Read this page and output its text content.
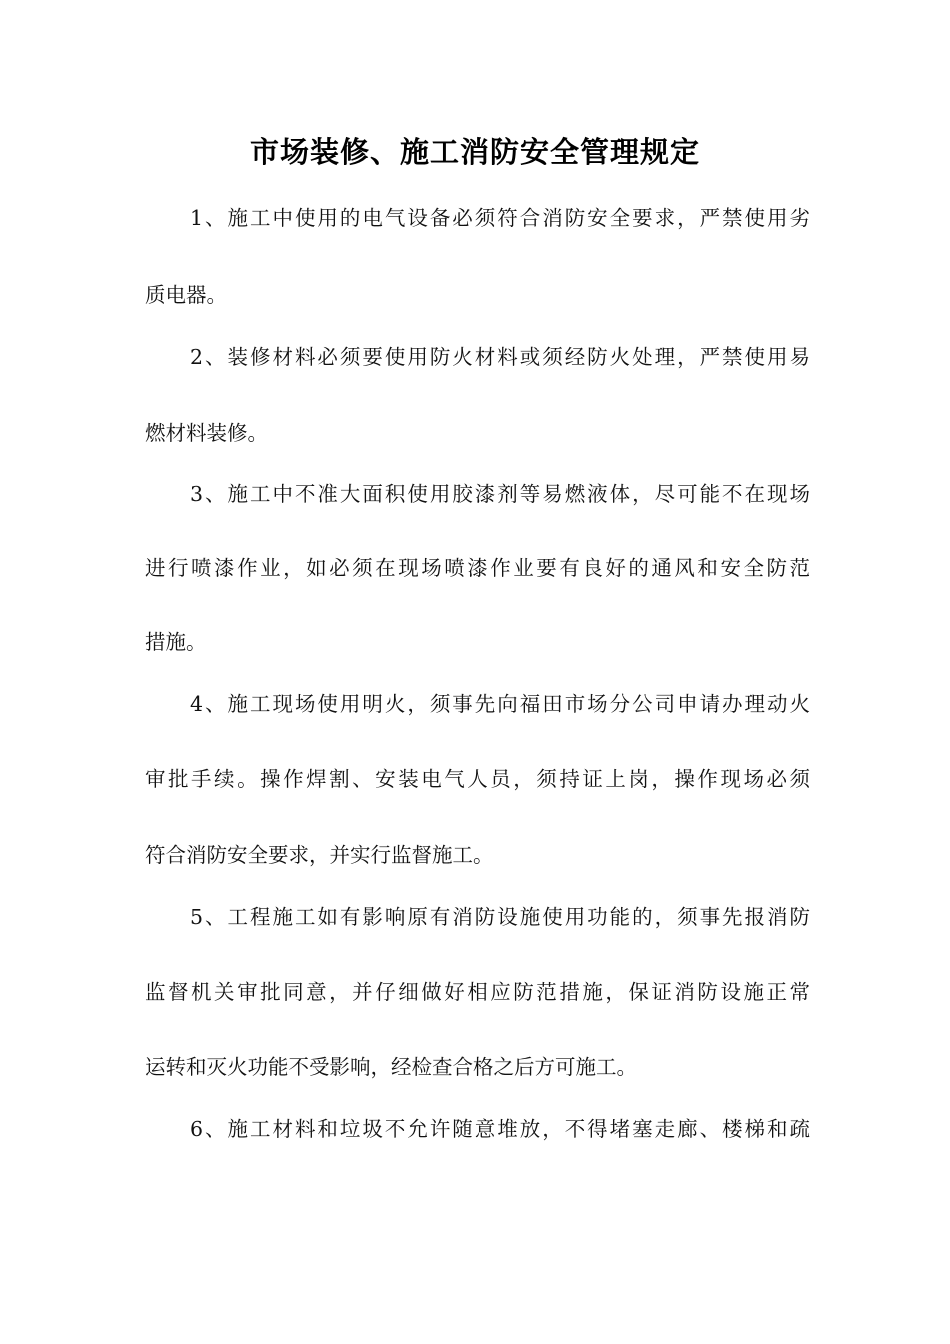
市场装修、施工消防安全管理规定
1、施工中使用的电气设备必须符合消防安全要求，严禁使用劣
质电器。
2、装修材料必须要使用防火材料或须经防火处理，严禁使用易
燃材料装修。
3、施工中不准大面积使用胶漆剂等易燃液体，尽可能不在现场
进行喷漆作业，如必须在现场喷漆作业要有良好的通风和安全防范
措施。
4、施工现场使用明火，须事先向福田市场分公司申请办理动火
审批手续。操作焊割、安装电气人员，须持证上岗，操作现场必须
符合消防安全要求，并实行监督施工。
5、工程施工如有影响原有消防设施使用功能的，须事先报消防
监督机关审批同意，并仔细做好相应防范措施，保证消防设施正常
运转和灭火功能不受影响，经检查合格之后方可施工。
6、施工材料和垃圾不允许随意堆放，不得堵塞走廊、楼梯和疏
